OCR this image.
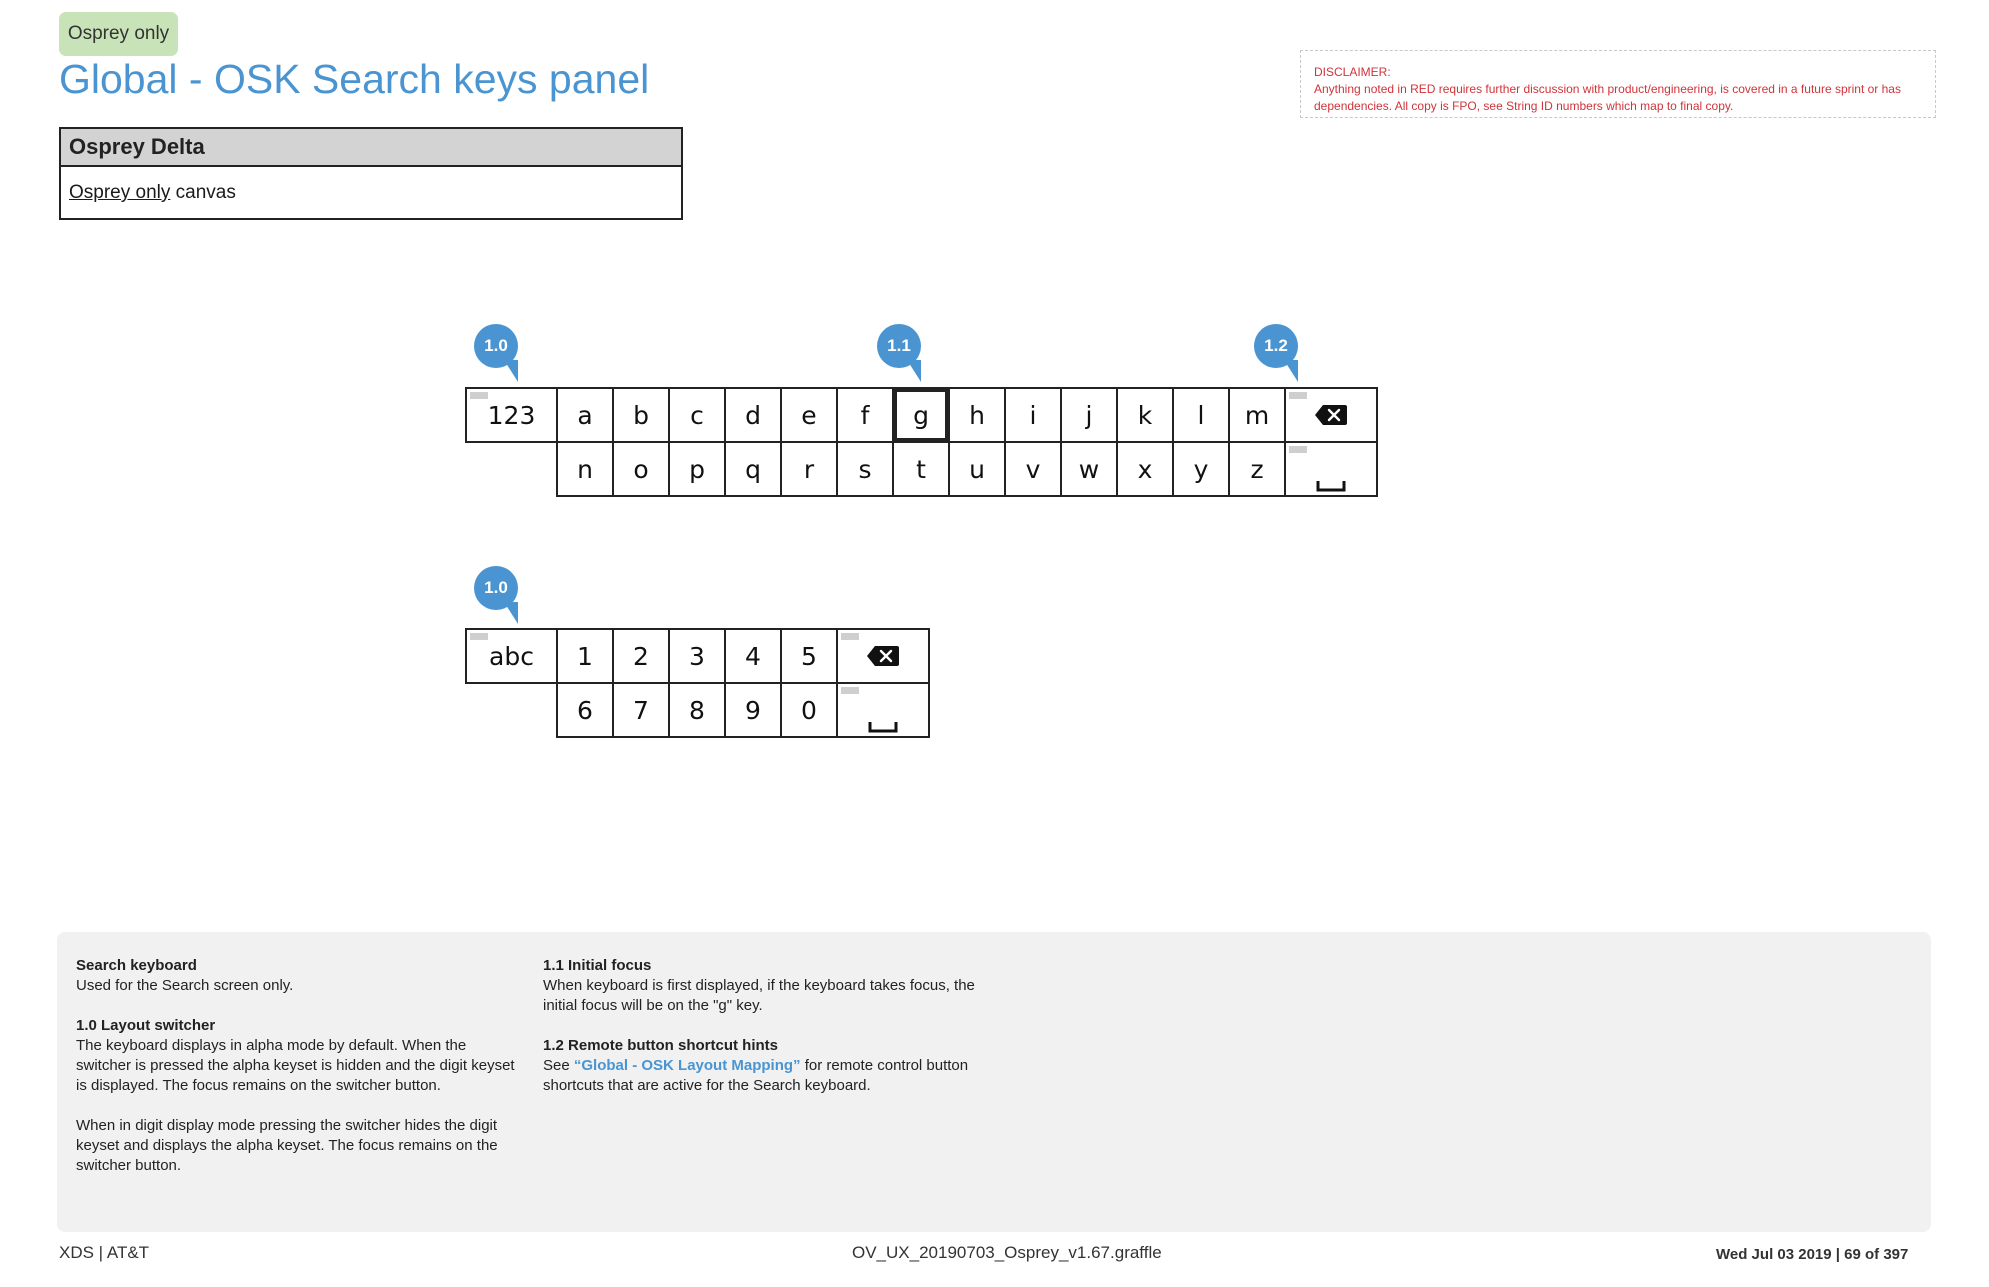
Osprey only
Global - OSK Search keys panel
Osprey Delta
Osprey only canvas
DISCLAIMER:
Anything noted in RED requires further discussion with product/engineering, is covered in a future sprint or has dependencies. All copy is FPO, see String ID numbers which map to final copy.
1.0	1.1	1.2
1.0
123 a b c d e f g h i j k l m
n o p q r s t u v w x y z
abc 1 2 3 4 5
6 7 8 9 0
Search keyboard

Used for the Search screen only.

1.0 Layout switcher

The keyboard displays in alpha mode by default. When the switcher is pressed the alpha keyset is hidden and the digit keyset is displayed. The focus remains on the switcher button.

When in digit display mode pressing the switcher hides the digit keyset and displays the alpha keyset. The focus remains on the switcher button.

1.1 Initial focus

When keyboard is first displayed, if the keyboard takes focus, the initial focus will be on the "g" key.

1.2 Remote button shortcut hints

See “Global - OSK Layout Mapping” for remote control button shortcuts that are active for the Search keyboard.

XDS | AT&T	OV_UX_20190703_Osprey_v1.67.graffle	Wed Jul 03 2019 | 69 of 397
